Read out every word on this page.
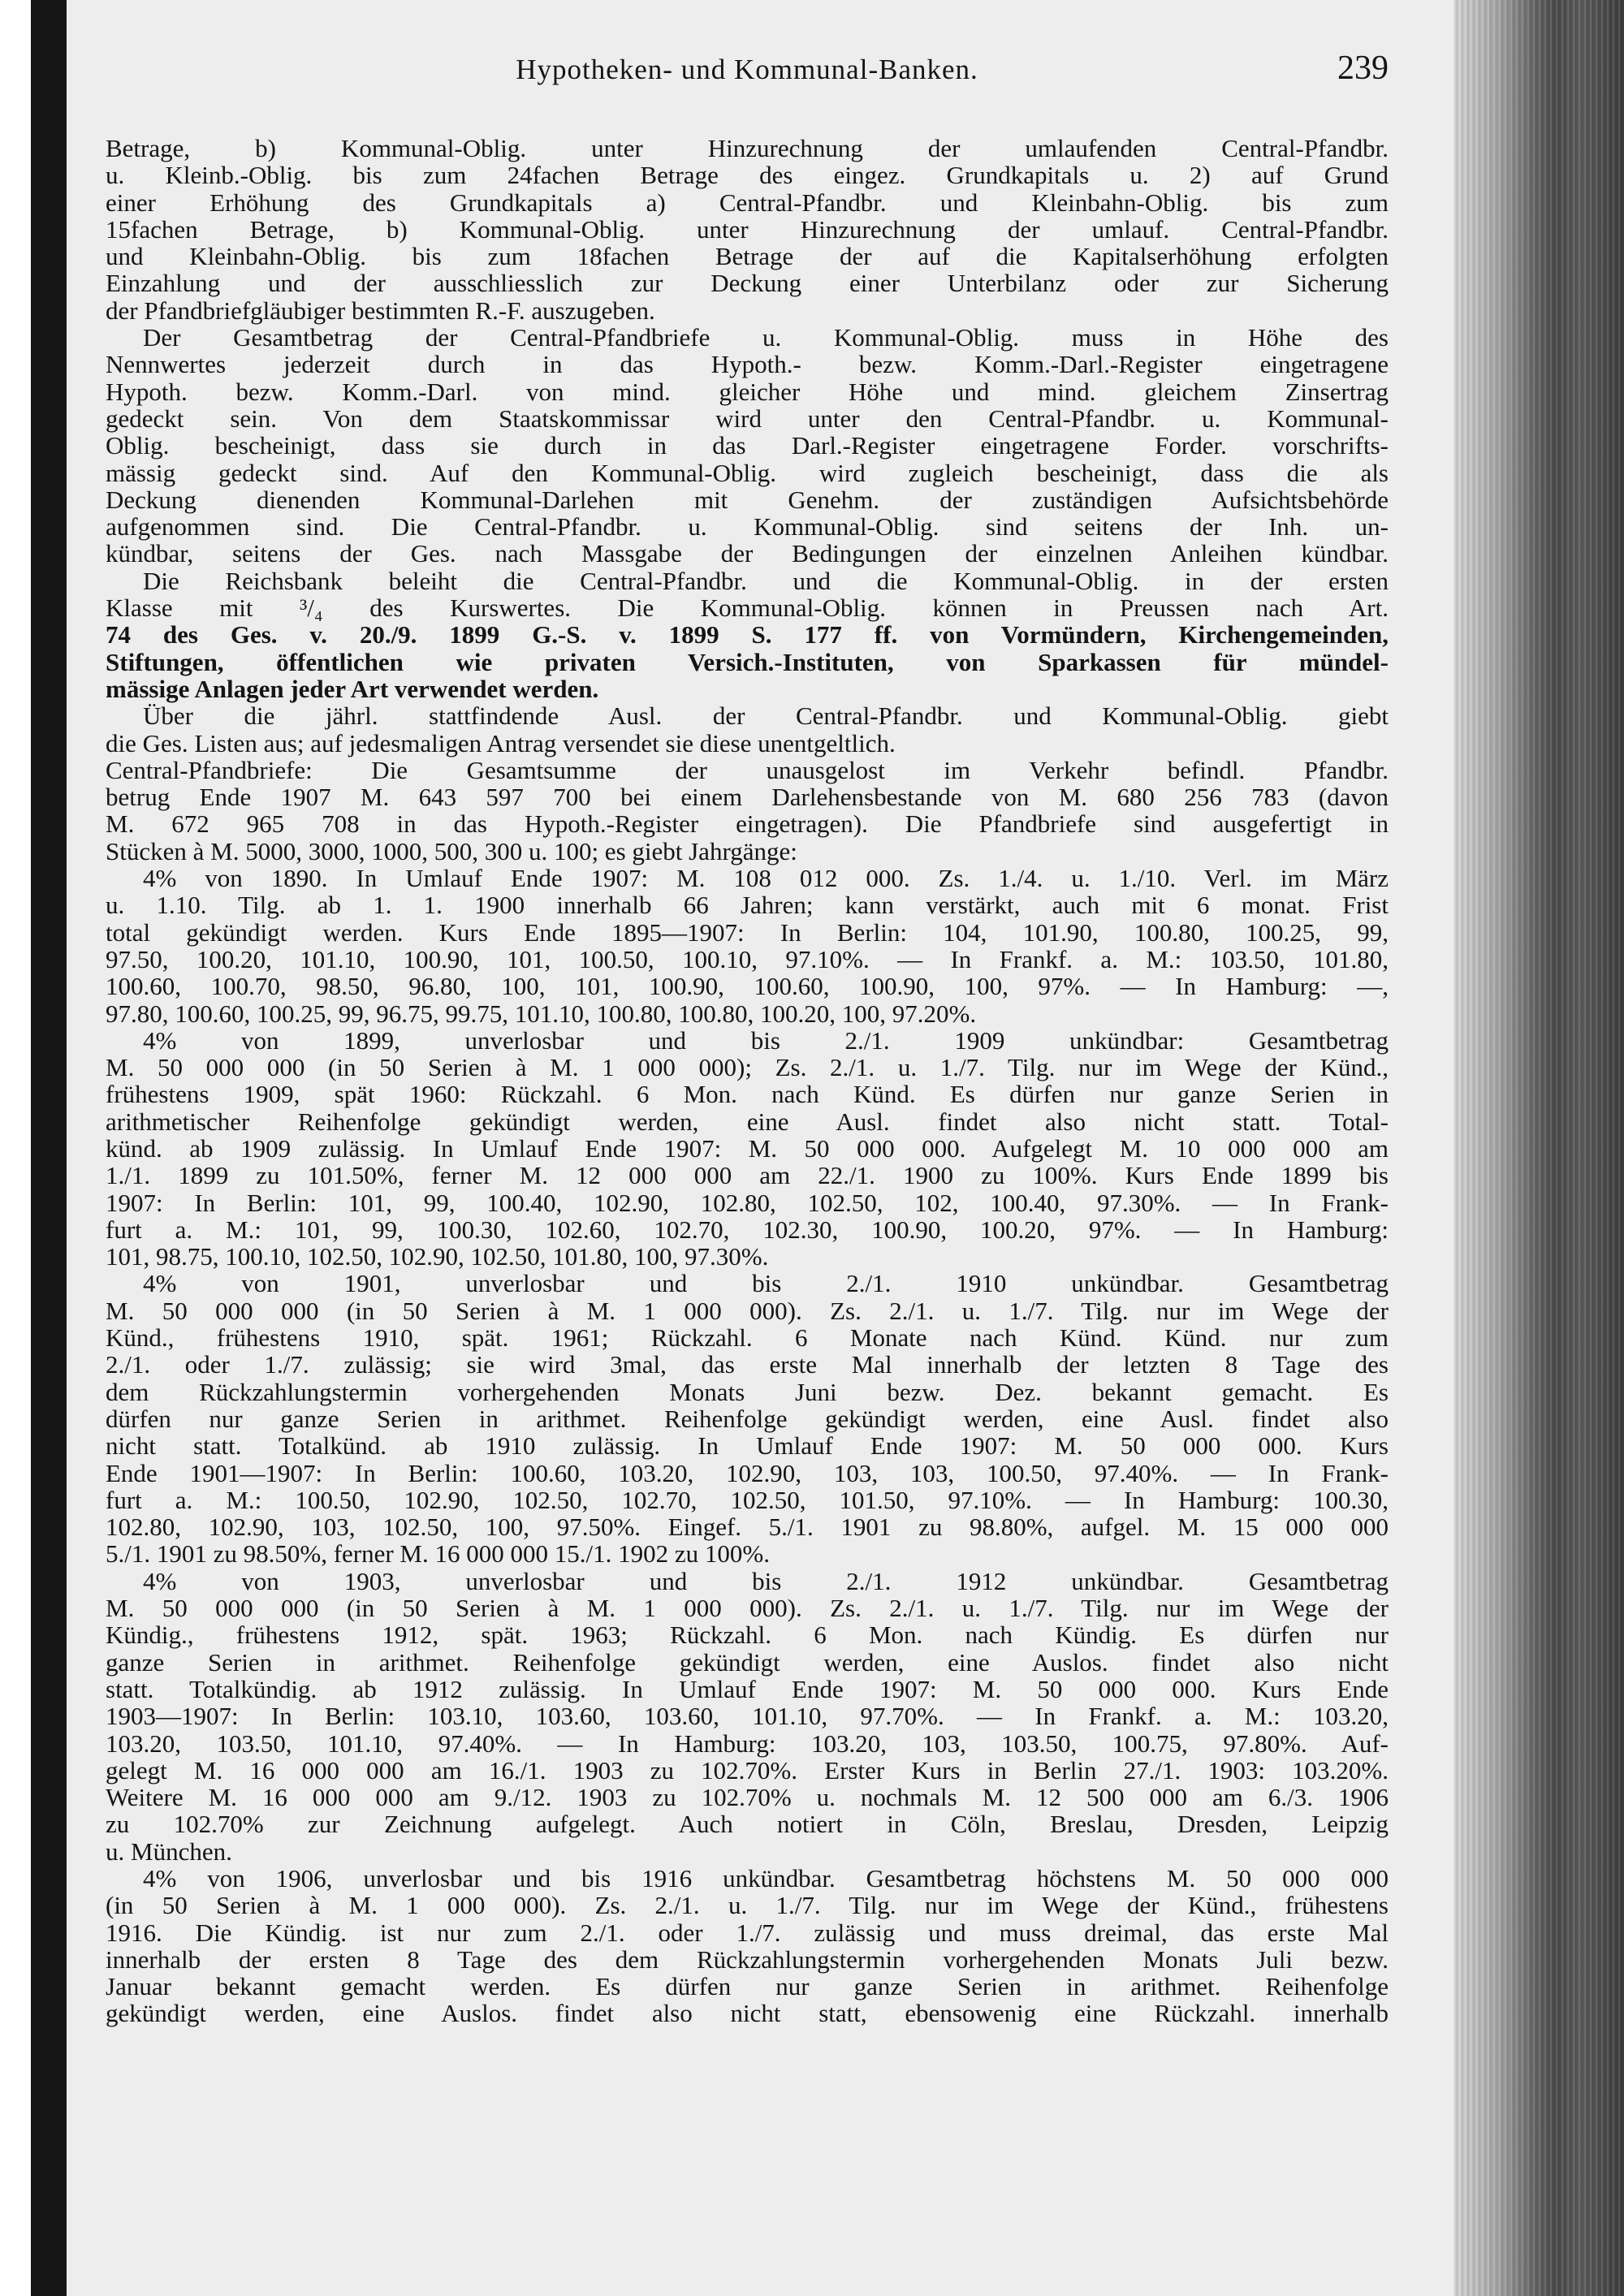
Hypotheken- und Kommunal-Banken.	239
Betrage, b) Kommunal-Oblig. unter Hinzurechnung der umlaufenden Central-Pfandbr.
u. Kleinb.-Oblig. bis zum 24fachen Betrage des eingez. Grundkapitals u. 2) auf Grund
einer Erhöhung des Grundkapitals a) Central-Pfandbr. und Kleinbahn-Oblig. bis zum
15fachen Betrage, b) Kommunal-Oblig. unter Hinzurechnung der umlauf. Central-Pfandbr.
und Kleinbahn-Oblig. bis zum 18fachen Betrage der auf die Kapitalserhöhung erfolgten
Einzahlung und der ausschliesslich zur Deckung einer Unterbilanz oder zur Sicherung
der Pfandbriefgläubiger bestimmten R.-F. auszugeben.
Der Gesamtbetrag der Central-Pfandbriefe u. Kommunal-Oblig. muss in Höhe des
Nennwertes jederzeit durch in das Hypoth.- bezw. Komm.-Darl.-Register eingetragene
Hypoth. bezw. Komm.-Darl. von mind. gleicher Höhe und mind. gleichem Zinsertrag
gedeckt sein. Von dem Staatskommissar wird unter den Central-Pfandbr. u. Kommunal-
Oblig. bescheinigt, dass sie durch in das Darl.-Register eingetragene Forder. vorschrifts-
mässig gedeckt sind. Auf den Kommunal-Oblig. wird zugleich bescheinigt, dass die als
Deckung dienenden Kommunal-Darlehen mit Genehm. der zuständigen Aufsichtsbehörde
aufgenommen sind. Die Central-Pfandbr. u. Kommunal-Oblig. sind seitens der Inh. un-
kündbar, seitens der Ges. nach Massgabe der Bedingungen der einzelnen Anleihen kündbar.
Die Reichsbank beleiht die Central-Pfandbr. und die Kommunal-Oblig. in der ersten
Klasse mit ³/₄ des Kurswertes. Die Kommunal-Oblig. können in Preussen nach Art.
74 des Ges. v. 20./9. 1899 G.-S. v. 1899 S. 177 ff. von Vormündern, Kirchengemeinden,
Stiftungen, öffentlichen wie privaten Versich.-Instituten, von Sparkassen für mündel-
mässige Anlagen jeder Art verwendet werden.
Über die jährl. stattfindende Ausl. der Central-Pfandbr. und Kommunal-Oblig. giebt
die Ges. Listen aus; auf jedesmaligen Antrag versendet sie diese unentgeltlich.
Central-Pfandbriefe: Die Gesamtsumme der unausgelost im Verkehr befindl. Pfandbr.
betrug Ende 1907 M. 643 597 700 bei einem Darlehensbestande von M. 680 256 783 (davon
M. 672 965 708 in das Hypoth.-Register eingetragen). Die Pfandbriefe sind ausgefertigt in
Stücken à M. 5000, 3000, 1000, 500, 300 u. 100; es giebt Jahrgänge:
4% von 1890. In Umlauf Ende 1907: M. 108 012 000. Zs. 1./4. u. 1./10. Verl. im März
u. 1.10. Tilg. ab 1. 1. 1900 innerhalb 66 Jahren; kann verstärkt, auch mit 6 monat. Frist
total gekündigt werden. Kurs Ende 1895—1907: In Berlin: 104, 101.90, 100.80, 100.25, 99,
97.50, 100.20, 101.10, 100.90, 101, 100.50, 100.10, 97.10%. — In Frankf. a. M.: 103.50, 101.80,
100.60, 100.70, 98.50, 96.80, 100, 101, 100.90, 100.60, 100.90, 100, 97%. — In Hamburg: —,
97.80, 100.60, 100.25, 99, 96.75, 99.75, 101.10, 100.80, 100.80, 100.20, 100, 97.20%.
4% von 1899, unverlosbar und bis 2./1. 1909 unkündbar: Gesamtbetrag
M. 50 000 000 (in 50 Serien à M. 1 000 000); Zs. 2./1. u. 1./7. Tilg. nur im Wege der Künd.,
frühestens 1909, spät 1960: Rückzahl. 6 Mon. nach Künd. Es dürfen nur ganze Serien in
arithmetischer Reihenfolge gekündigt werden, eine Ausl. findet also nicht statt. Total-
künd. ab 1909 zulässig. In Umlauf Ende 1907: M. 50 000 000. Aufgelegt M. 10 000 000 am
1./1. 1899 zu 101.50%, ferner M. 12 000 000 am 22./1. 1900 zu 100%. Kurs Ende 1899 bis
1907: In Berlin: 101, 99, 100.40, 102.90, 102.80, 102.50, 102, 100.40, 97.30%. — In Frank-
furt a. M.: 101, 99, 100.30, 102.60, 102.70, 102.30, 100.90, 100.20, 97%. — In Hamburg:
101, 98.75, 100.10, 102.50, 102.90, 102.50, 101.80, 100, 97.30%.
4% von 1901, unverlosbar und bis 2./1. 1910 unkündbar. Gesamtbetrag
M. 50 000 000 (in 50 Serien à M. 1 000 000). Zs. 2./1. u. 1./7. Tilg. nur im Wege der
Künd., frühestens 1910, spät. 1961; Rückzahl. 6 Monate nach Künd. Künd. nur zum
2./1. oder 1./7. zulässig; sie wird 3mal, das erste Mal innerhalb der letzten 8 Tage des
dem Rückzahlungstermin vorhergehenden Monats Juni bezw. Dez. bekannt gemacht. Es
dürfen nur ganze Serien in arithmet. Reihenfolge gekündigt werden, eine Ausl. findet also
nicht statt. Totalkünd. ab 1910 zulässig. In Umlauf Ende 1907: M. 50 000 000. Kurs
Ende 1901—1907: In Berlin: 100.60, 103.20, 102.90, 103, 103, 100.50, 97.40%. — In Frank-
furt a. M.: 100.50, 102.90, 102.50, 102.70, 102.50, 101.50, 97.10%. — In Hamburg: 100.30,
102.80, 102.90, 103, 102.50, 100, 97.50%. Eingef. 5./1. 1901 zu 98.80%, aufgel. M. 15 000 000
5./1. 1901 zu 98.50%, ferner M. 16 000 000 15./1. 1902 zu 100%.
4% von 1903, unverlosbar und bis 2./1. 1912 unkündbar. Gesamtbetrag
M. 50 000 000 (in 50 Serien à M. 1 000 000). Zs. 2./1. u. 1./7. Tilg. nur im Wege der
Kündig., frühestens 1912, spät. 1963; Rückzahl. 6 Mon. nach Kündig. Es dürfen nur
ganze Serien in arithmet. Reihenfolge gekündigt werden, eine Auslos. findet also nicht
statt. Totalkündig. ab 1912 zulässig. In Umlauf Ende 1907: M. 50 000 000. Kurs Ende
1903—1907: In Berlin: 103.10, 103.60, 103.60, 101.10, 97.70%. — In Frankf. a. M.: 103.20,
103.20, 103.50, 101.10, 97.40%. — In Hamburg: 103.20, 103, 103.50, 100.75, 97.80%. Auf-
gelegt M. 16 000 000 am 16./1. 1903 zu 102.70%. Erster Kurs in Berlin 27./1. 1903: 103.20%.
Weitere M. 16 000 000 am 9./12. 1903 zu 102.70% u. nochmals M. 12 500 000 am 6./3. 1906
zu 102.70% zur Zeichnung aufgelegt. Auch notiert in Cöln, Breslau, Dresden, Leipzig
u. München.
4% von 1906, unverlosbar und bis 1916 unkündbar. Gesamtbetrag höchstens M. 50 000 000
(in 50 Serien à M. 1 000 000). Zs. 2./1. u. 1./7. Tilg. nur im Wege der Künd., frühestens
1916. Die Kündig. ist nur zum 2./1. oder 1./7. zulässig und muss dreimal, das erste Mal
innerhalb der ersten 8 Tage des dem Rückzahlungstermin vorhergehenden Monats Juli bezw.
Januar bekannt gemacht werden. Es dürfen nur ganze Serien in arithmet. Reihenfolge
gekündigt werden, eine Auslos. findet also nicht statt, ebensowenig eine Rückzahl. innerhalb
